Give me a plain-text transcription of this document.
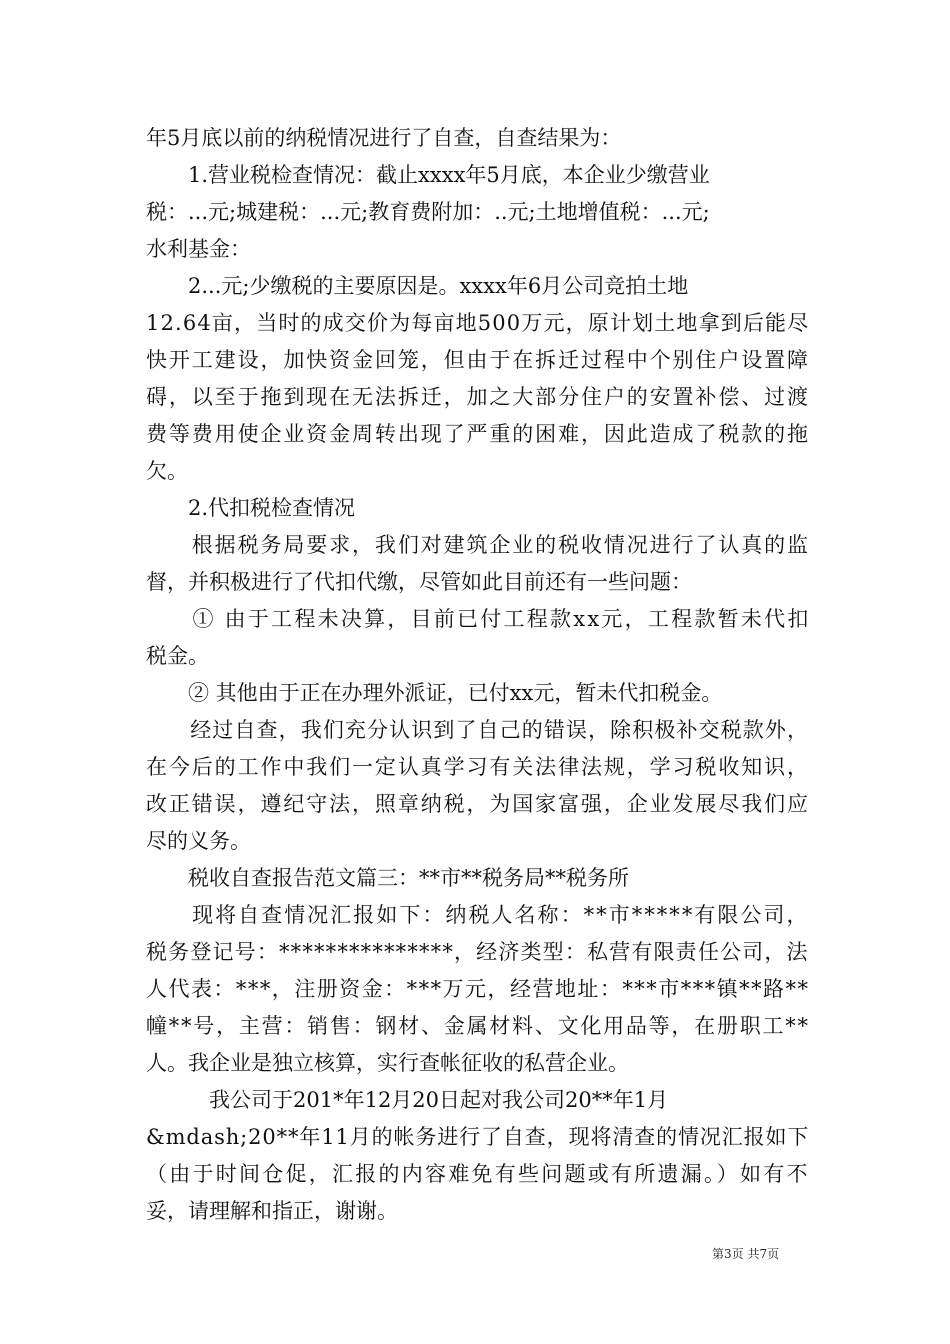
年5月底以前的纳税情况进行了自查，自查结果为：
　　1.营业税检查情况：截止xxxx年5月底，本企业少缴营业
税：...元;城建税：...元;教育费附加：..元;土地增值税：...元;
水利基金：
　　2...元;少缴税的主要原因是。xxxx年6月公司竞拍土地
12.64亩，当时的成交价为每亩地500万元，原计划土地拿到后能尽
快开工建设，加快资金回笼，但由于在拆迁过程中个别住户设置障
碍，以至于拖到现在无法拆迁，加之大部分住户的安置补偿、过渡
费等费用使企业资金周转出现了严重的困难，因此造成了税款的拖
欠。
　　2.代扣税检查情况
　　根据税务局要求，我们对建筑企业的税收情况进行了认真的监
督，并积极进行了代扣代缴，尽管如此目前还有一些问题：
　　① 由于工程未决算，目前已付工程款xx元，工程款暂未代扣
税金。
　　② 其他由于正在办理外派证，已付xx元，暂未代扣税金。
　　经过自查，我们充分认识到了自己的错误，除积极补交税款外，
在今后的工作中我们一定认真学习有关法律法规，学习税收知识，
改正错误，遵纪守法，照章纳税，为国家富强，企业发展尽我们应
尽的义务。
　　税收自查报告范文篇三：**市**税务局**税务所
　　现将自查情况汇报如下：纳税人名称：**市*****有限公司，
税务登记号：***************，经济类型：私营有限责任公司，法
人代表：***，注册资金：***万元，经营地址：***市***镇**路**
幢**号，主营：销售：钢材、金属材料、文化用品等，在册职工**
人。我企业是独立核算，实行查帐征收的私营企业。
　　　我公司于201*年12月20日起对我公司20**年1月
&mdash;20**年11月的帐务进行了自查，现将清查的情况汇报如下
（由于时间仓促，汇报的内容难免有些问题或有所遗漏。）如有不
妥，请理解和指正，谢谢。
第3页 共7页
